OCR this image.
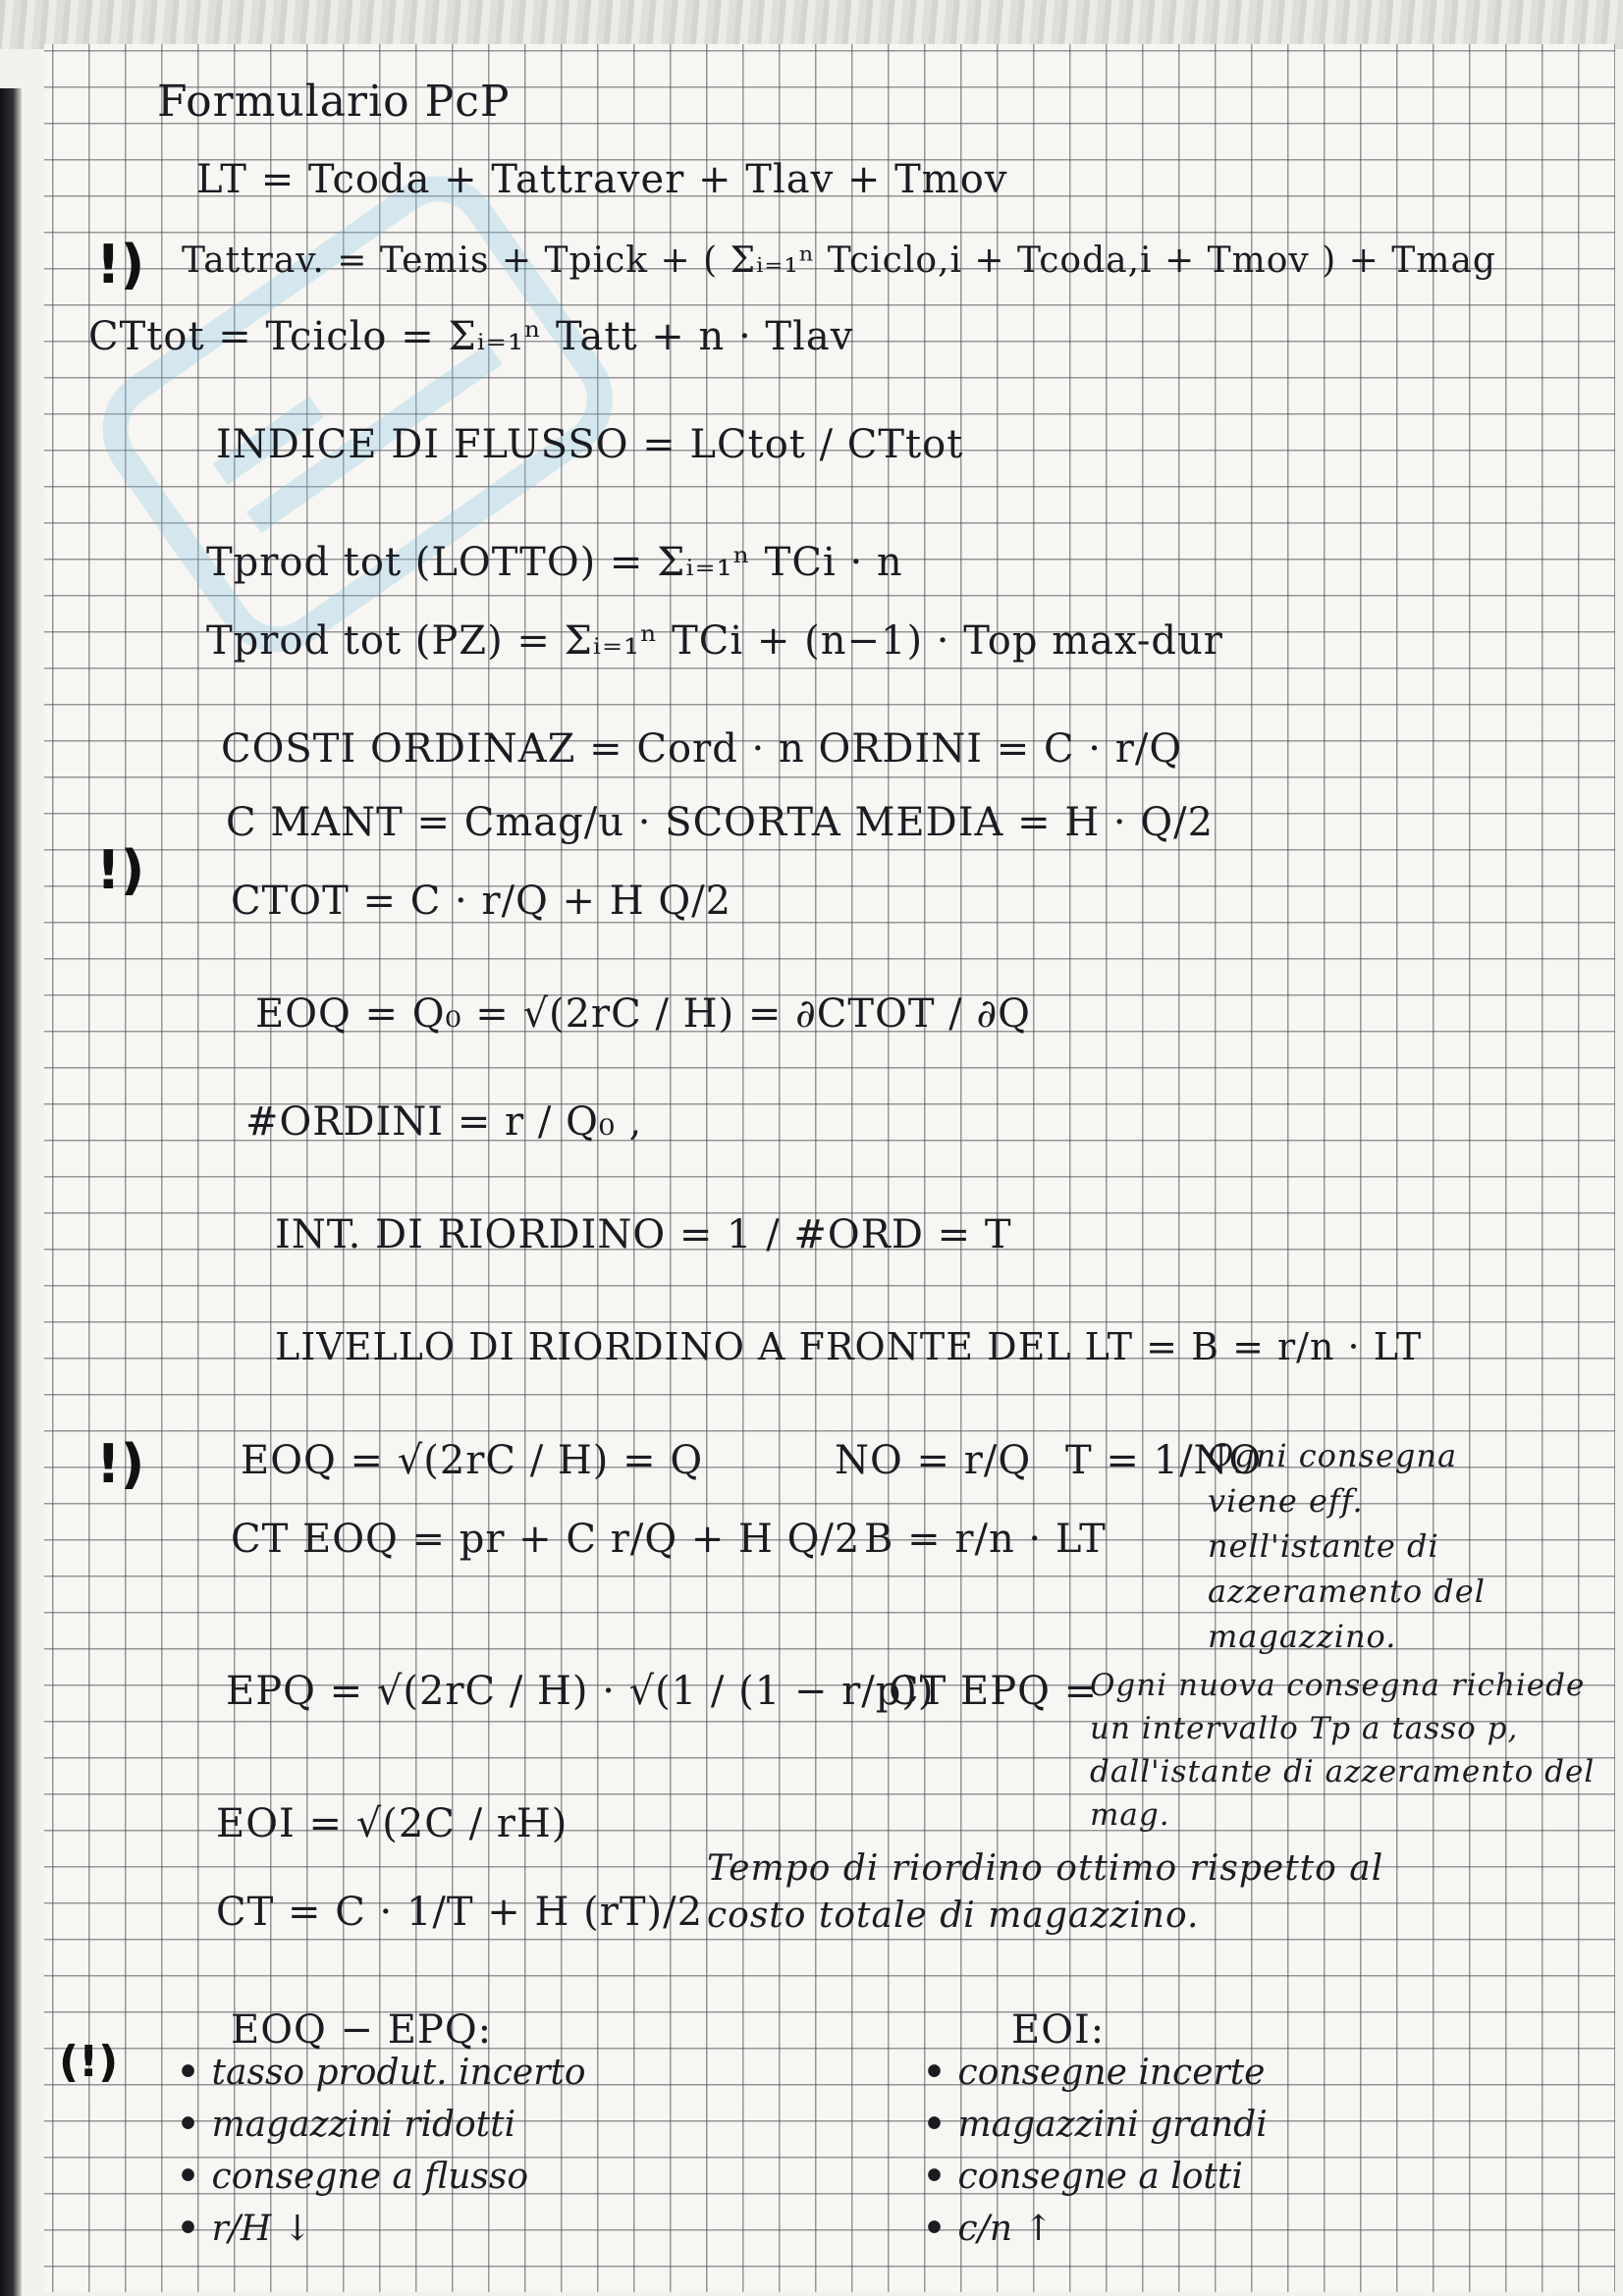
Formulario PcP
LT = Tcoda + Tattraver + Tlav + Tmov
!) Tattrav. = Temis + Tpick + ( Σᵢ₌₁ⁿ Tciclo,i + Tcoda,i + Tmov ) + Tmag
CTtot = Tciclo = Σᵢ₌₁ⁿ Tatt + n · Tlav
INDICE DI FLUSSO = LCtot / CTtot
Tprod tot (LOTTO) = Σᵢ₌₁ⁿ TCi · n
Tprod tot (PZ) = Σᵢ₌₁ⁿ TCi + (n−1) · Top max-dur
COSTI ORDINAZ = Cord · n ORDINI = C · r/Q
!)
C MANT = Cmag/u · SCORTA MEDIA = H · Q/2
CTOT = C · r/Q + H Q/2
EOQ = Q₀ = √(2rC / H) = ∂CTOT / ∂Q
#ORDINI = r / Q₀ ,
INT. DI RIORDINO = 1 / #ORD = T
LIVELLO DI RIORDINO A FRONTE DEL LT = B = r/n · LT
!) EOQ = √(2rC / H) = Q	NO = r/Q T = 1/NO
CT EOQ = pr + C r/Q + H Q/2 B = r/n · LT
Ogni consegna viene eff. nell'istante di azzeramento del magazzino.
EPQ = √(2rC / H) · √(1 / (1 − r/p))
CT EPQ =
Ogni nuova consegna richiede un intervallo Tp a tasso p, dall'istante di azzeramento del mag.
EOI = √(2C / rH)
CT = C · 1/T + H (rT)/2
Tempo di riordino ottimo rispetto al costo totale di magazzino.
EOQ − EPQ:
(!)
•	tasso produt. incerto
• magazzini ridotti
• consegne a flusso
• r/H ↓
EOI:
• consegne incerte
• magazzini grandi
• consegne a lotti
• c/n ↑
